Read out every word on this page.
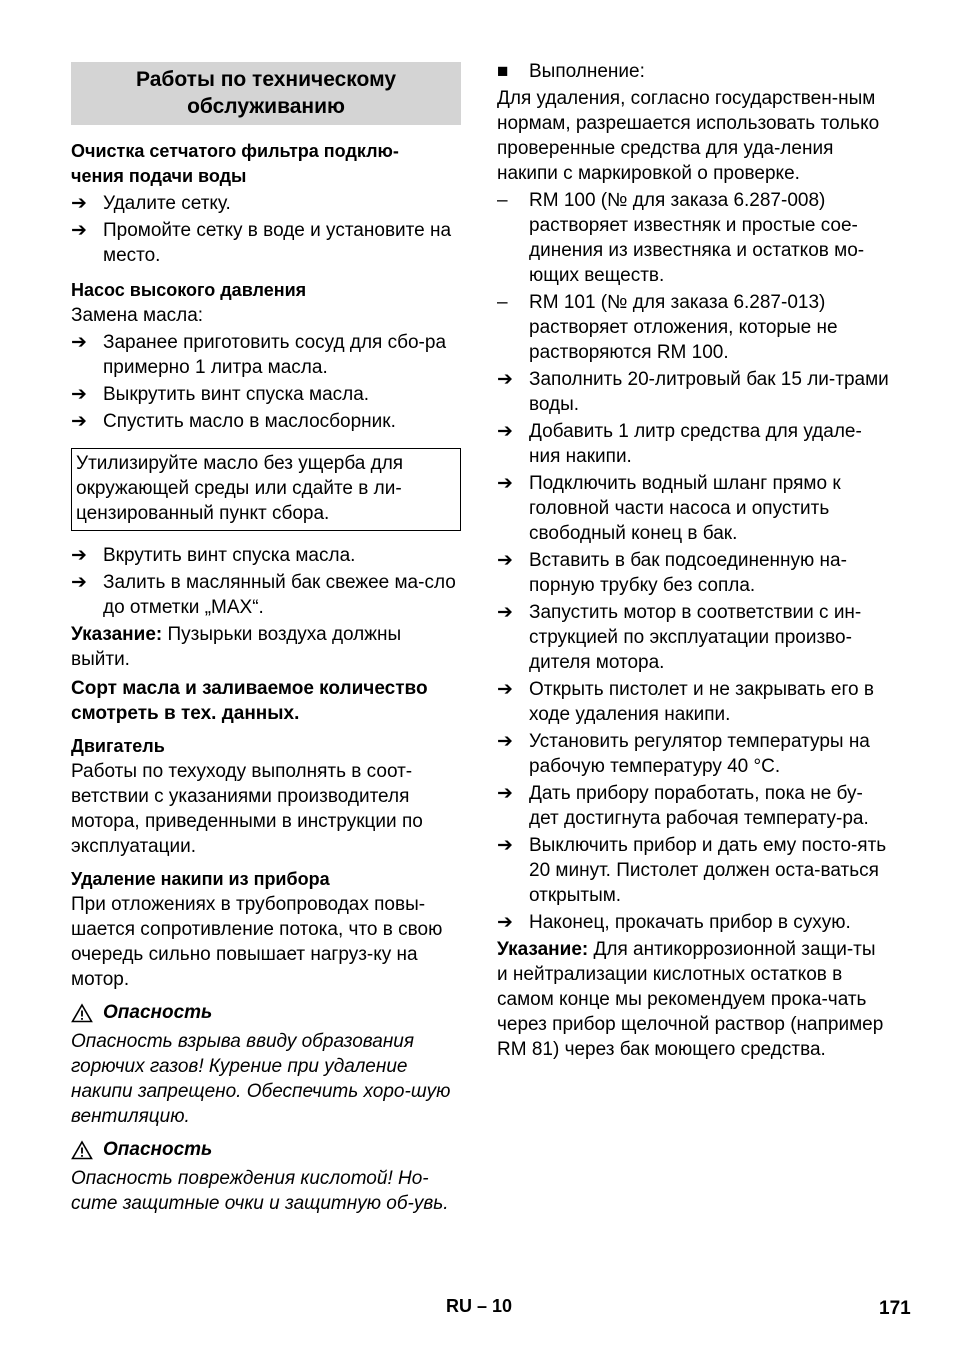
Работы по техническому
обслуживанию

Очистка сетчатого фильтра подклю-чения подачи воды

➔ Удалите сетку.
➔ Промойте сетку в воде и установите на место.

Насос высокого давления

Замена масла:

➔ Заранее приготовить сосуд для сбо-ра примерно 1 литра масла.
➔ Выкрутить винт спуска масла.
➔ Спустить масло в маслосборник.
Утилизируйте масло без ущерба для окружающей среды или сдайте в ли-цензированный пункт сбора.
➔ Вкрутить винт спуска масла.
➔ Залить в маслянный бак свежее ма-сло до отметки „MAX“.

Указание: Пузырьки воздуха должны выйти.

Сорт масла и заливаемое количество смотреть в тех. данных.

Двигатель

Работы по техуходу выполнять в соот-ветствии с указаниями производителя мотора, приведенными в инструкции по эксплуатации.

Удаление накипи из прибора

При отложениях в трубопроводах повы-шается сопротивление потока, что в свою очередь сильно повышает нагруз-ку на мотор.

Опасность

Опасность взрыва ввиду образования горючих газов! Курение при удаление накипи запрещено. Обеспечить хоро-шую вентиляцию.

Опасность

Опасность повреждения кислотой! Но-сите защитные очки и защитную об-увь.

■	Выполнение:

Для удаления, согласно государствен-ным нормам, разрешается использовать только проверенные средства для уда-ления накипи с маркировкой о проверке.

–	RM 100 (№ для заказа 6.287-008) растворяет известняк и простые сое-динения из известняка и остатков мо-ющих веществ.
–	RM 101 (№ для заказа 6.287-013) растворяет отложения, которые не растворяются RM 100.
➔ Заполнить 20-литровый бак 15 ли-трами воды.
➔ Добавить 1 литр средства для удале-ния накипи.
➔ Подключить водный шланг прямо к головной части насоса и опустить свободный конец в бак.
➔ Вставить в бак подсоединенную на-порную трубку без сопла.
➔ Запустить мотор в соответствии с ин-струкцией по эксплуатации произво-дителя мотора.
➔ Открыть пистолет и не закрывать его в ходе удаления накипи.
➔ Установить регулятор температуры на рабочую температуру 40 °C.
➔ Дать прибору поработать, пока не бу-дет достигнута рабочая температу-ра.
➔ Выключить прибор и дать ему посто-ять 20 минут. Пистолет должен оста-ваться открытым.
➔ Наконец, прокачать прибор в сухую.

Указание: Для антикоррозионной защи-ты и нейтрализации кислотных остатков в самом конце мы рекомендуем прока-чать через прибор щелочной раствор (например RM 81) через бак моющего средства.

RU – 10	171
